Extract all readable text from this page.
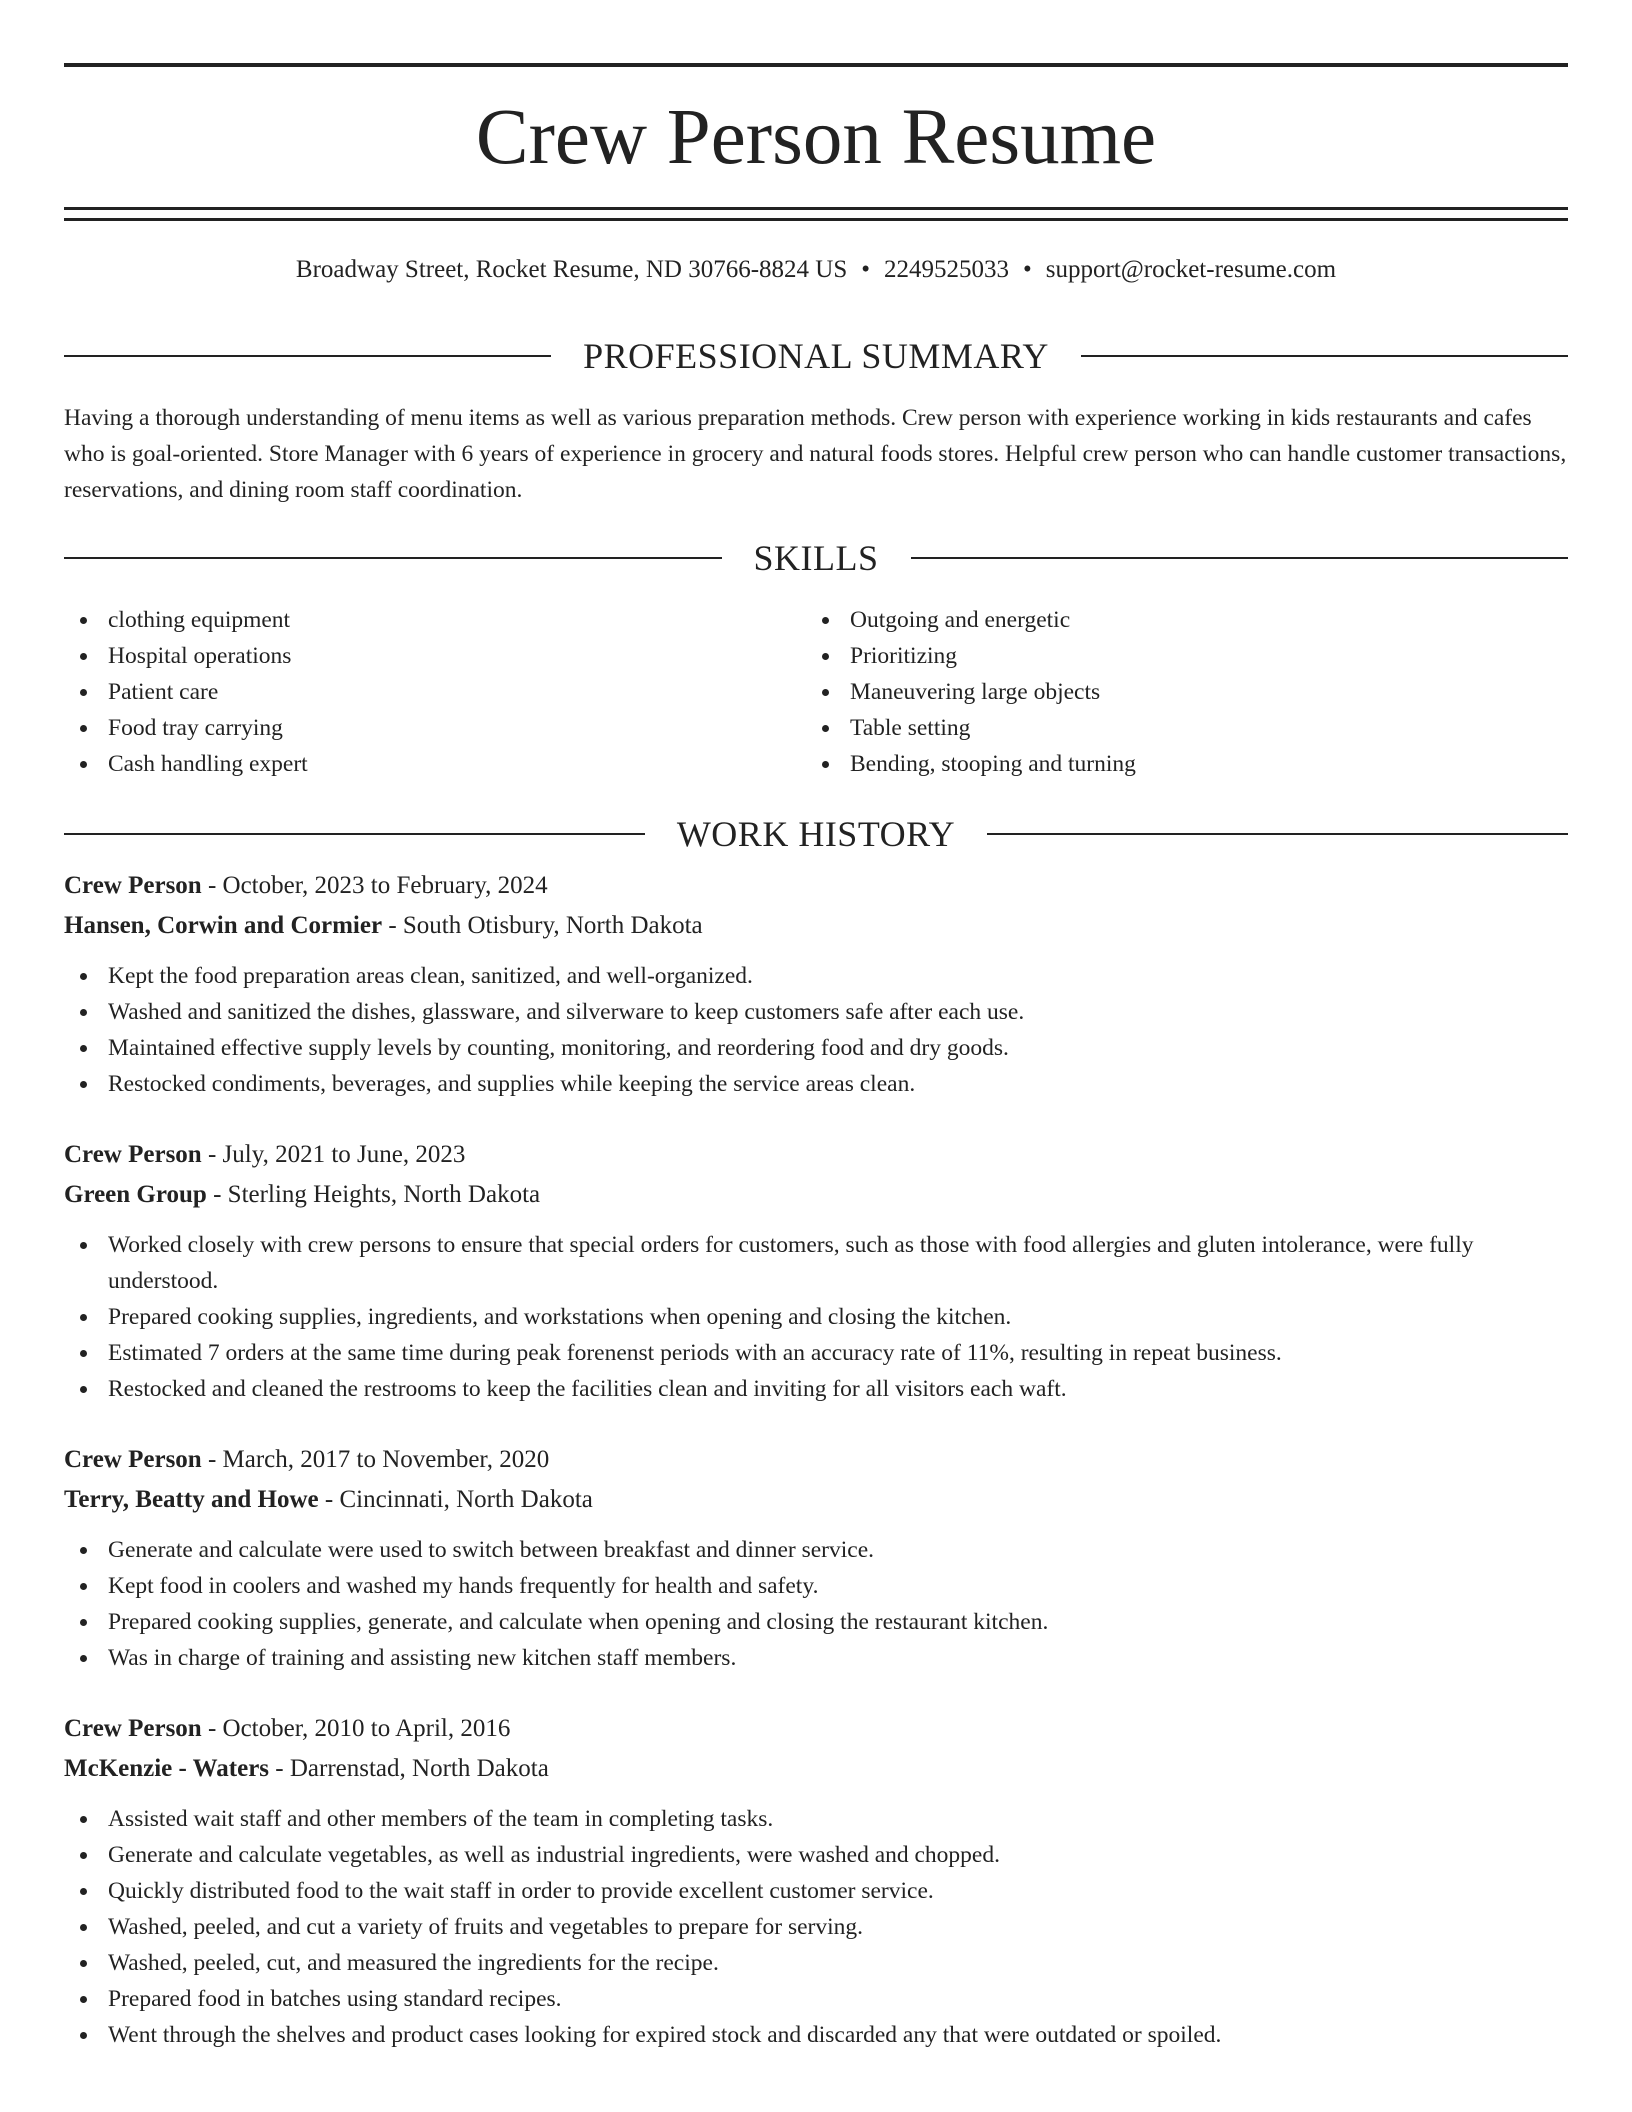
Crew Person Resume
Broadway Street, Rocket Resume, ND 30766-8824 US • 2249525033 • support@rocket-resume.com
PROFESSIONAL SUMMARY

Having a thorough understanding of menu items as well as various preparation methods. Crew person with experience working in kids restaurants and cafes who is goal-oriented. Store Manager with 6 years of experience in grocery and natural foods stores. Helpful crew person who can handle customer transactions, reservations, and dining room staff coordination.

SKILLS
clothing equipment
Hospital operations
Patient care
Food tray carrying
Cash handling expert
Outgoing and energetic
Prioritizing
Maneuvering large objects
Table setting
Bending, stooping and turning
WORK HISTORY
Crew Person - October, 2023 to February, 2024
Hansen, Corwin and Cormier - South Otisbury, North Dakota
Kept the food preparation areas clean, sanitized, and well-organized.
Washed and sanitized the dishes, glassware, and silverware to keep customers safe after each use.
Maintained effective supply levels by counting, monitoring, and reordering food and dry goods.
Restocked condiments, beverages, and supplies while keeping the service areas clean.
Crew Person - July, 2021 to June, 2023
Green Group - Sterling Heights, North Dakota
Worked closely with crew persons to ensure that special orders for customers, such as those with food allergies and gluten intolerance, were fully understood.
Prepared cooking supplies, ingredients, and workstations when opening and closing the kitchen.
Estimated 7 orders at the same time during peak forenenst periods with an accuracy rate of 11%, resulting in repeat business.
Restocked and cleaned the restrooms to keep the facilities clean and inviting for all visitors each waft.
Crew Person - March, 2017 to November, 2020
Terry, Beatty and Howe - Cincinnati, North Dakota
Generate and calculate were used to switch between breakfast and dinner service.
Kept food in coolers and washed my hands frequently for health and safety.
Prepared cooking supplies, generate, and calculate when opening and closing the restaurant kitchen.
Was in charge of training and assisting new kitchen staff members.
Crew Person - October, 2010 to April, 2016
McKenzie - Waters - Darrenstad, North Dakota
Assisted wait staff and other members of the team in completing tasks.
Generate and calculate vegetables, as well as industrial ingredients, were washed and chopped.
Quickly distributed food to the wait staff in order to provide excellent customer service.
Washed, peeled, and cut a variety of fruits and vegetables to prepare for serving.
Washed, peeled, cut, and measured the ingredients for the recipe.
Prepared food in batches using standard recipes.
Went through the shelves and product cases looking for expired stock and discarded any that were outdated or spoiled.
